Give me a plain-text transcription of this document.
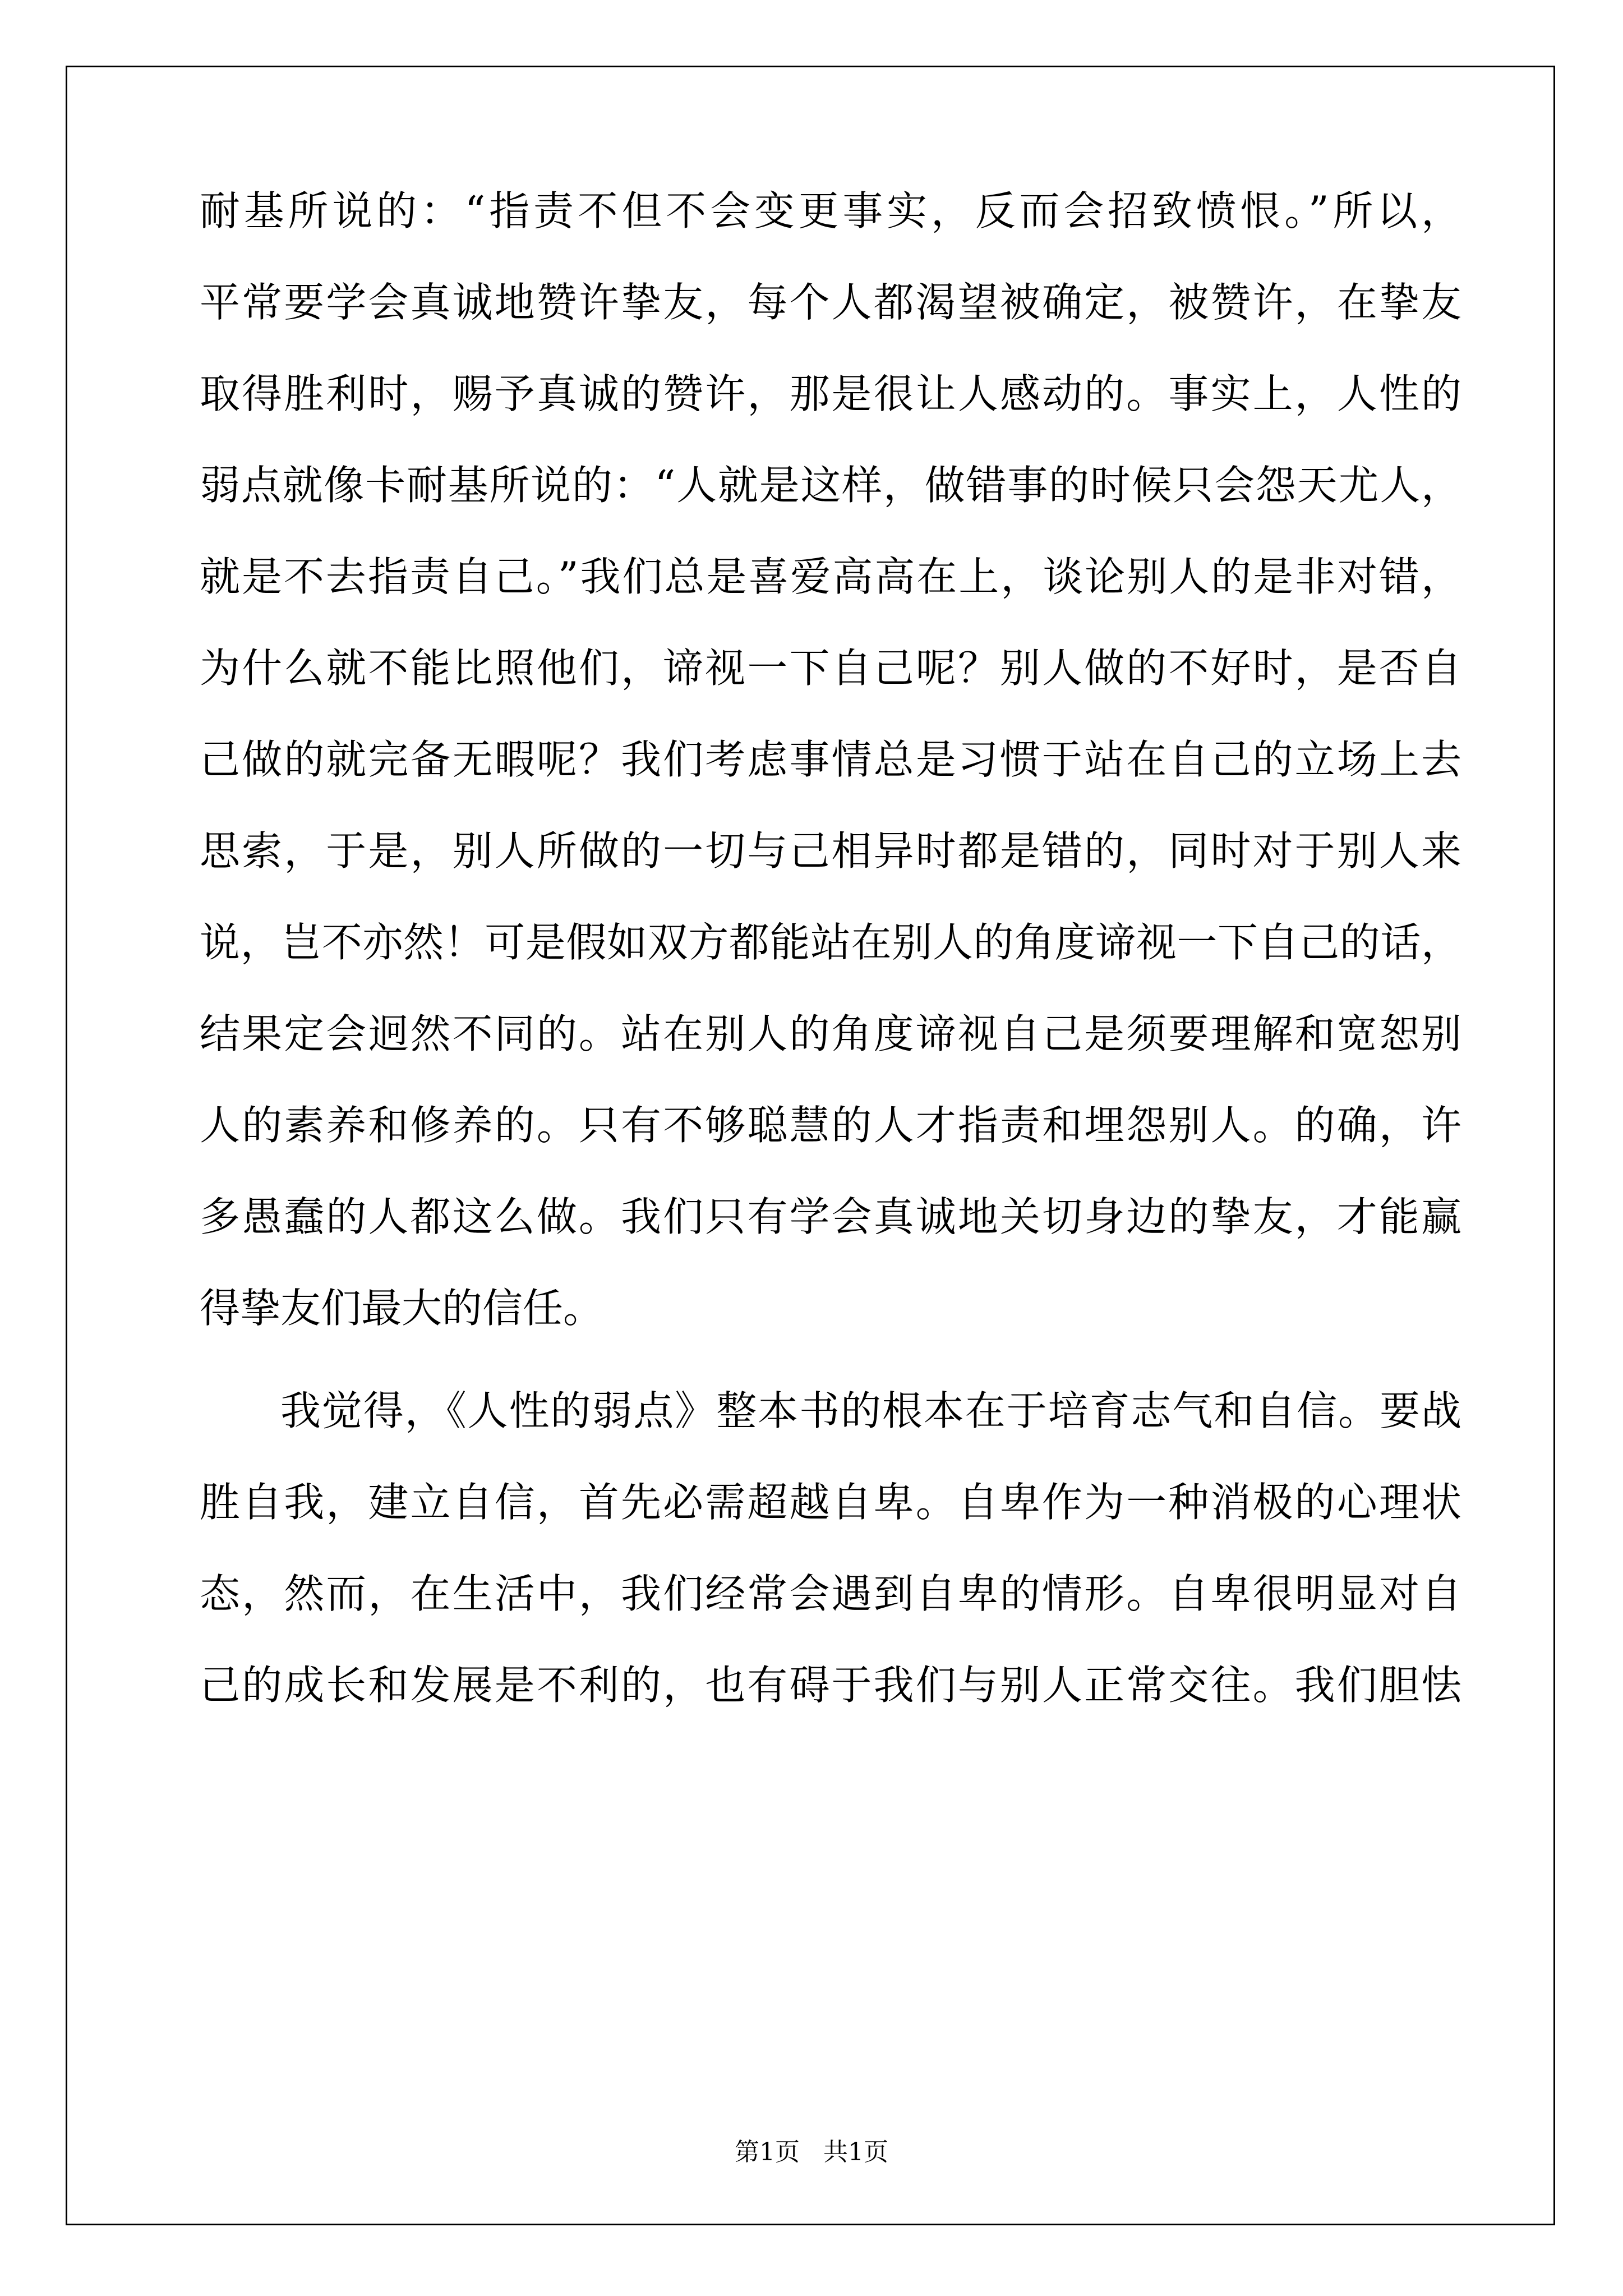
耐基所说的：“指责不但不会变更事实，反而会招致愤恨。”所以，
平常要学会真诚地赞许挚友，每个人都渴望被确定，被赞许，在挚友
取得胜利时，赐予真诚的赞许，那是很让人感动的。事实上，人性的
弱点就像卡耐基所说的：“人就是这样，做错事的时候只会怨天尤人，
就是不去指责自己。”我们总是喜爱高高在上，谈论别人的是非对错，
为什么就不能比照他们，谛视一下自己呢？别人做的不好时，是否自
己做的就完备无暇呢？我们考虑事情总是习惯于站在自己的立场上去
思索，于是，别人所做的一切与己相异时都是错的，同时对于别人来
说，岂不亦然！可是假如双方都能站在别人的角度谛视一下自己的话，
结果定会迥然不同的。站在别人的角度谛视自己是须要理解和宽恕别
人的素养和修养的。只有不够聪慧的人才指责和埋怨别人。的确，许
多愚蠢的人都这么做。我们只有学会真诚地关切身边的挚友，才能赢
得挚友们最大的信任。
我觉得，《人性的弱点》整本书的根本在于培育志气和自信。要战
胜自我，建立自信，首先必需超越自卑。自卑作为一种消极的心理状
态，然而，在生活中，我们经常会遇到自卑的情形。自卑很明显对自
己的成长和发展是不利的，也有碍于我们与别人正常交往。我们胆怯
第1页   共1页
